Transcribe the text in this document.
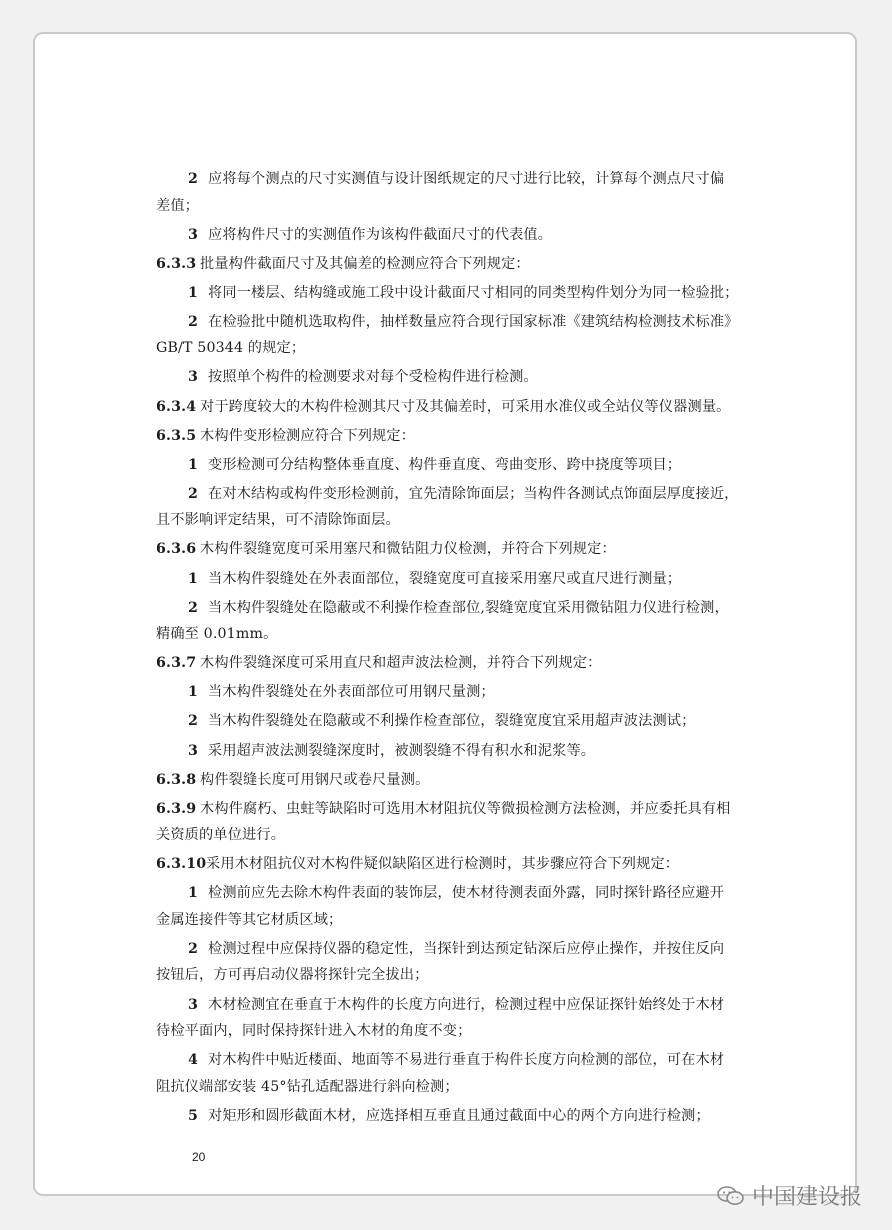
2 应将每个测点的尺寸实测值与设计图纸规定的尺寸进行比较，计算每个测点尺寸偏
差值；
3 应将构件尺寸的实测值作为该构件截面尺寸的代表值。
6.3.3 批量构件截面尺寸及其偏差的检测应符合下列规定：
1 将同一楼层、结构缝或施工段中设计截面尺寸相同的同类型构件划分为同一检验批；
2 在检验批中随机选取构件，抽样数量应符合现行国家标准《建筑结构检测技术标准》
GB/T 50344 的规定；
3 按照单个构件的检测要求对每个受检构件进行检测。
6.3.4 对于跨度较大的木构件检测其尺寸及其偏差时，可采用水准仪或全站仪等仪器测量。
6.3.5 木构件变形检测应符合下列规定：
1 变形检测可分结构整体垂直度、构件垂直度、弯曲变形、跨中挠度等项目；
2 在对木结构或构件变形检测前，宜先清除饰面层；当构件各测试点饰面层厚度接近，
且不影响评定结果，可不清除饰面层。
6.3.6 木构件裂缝宽度可采用塞尺和微钻阻力仪检测，并符合下列规定：
1 当木构件裂缝处在外表面部位，裂缝宽度可直接采用塞尺或直尺进行测量；
2 当木构件裂缝处在隐蔽或不利操作检查部位,裂缝宽度宜采用微钻阻力仪进行检测，
精确至 0.01mm。
6.3.7 木构件裂缝深度可采用直尺和超声波法检测，并符合下列规定：
1 当木构件裂缝处在外表面部位可用钢尺量测；
2 当木构件裂缝处在隐蔽或不利操作检查部位，裂缝宽度宜采用超声波法测试；
3 采用超声波法测裂缝深度时，被测裂缝不得有积水和泥浆等。
6.3.8 构件裂缝长度可用钢尺或卷尺量测。
6.3.9 木构件腐朽、虫蛀等缺陷时可选用木材阻抗仪等微损检测方法检测，并应委托具有相
关资质的单位进行。
6.3.10采用木材阻抗仪对木构件疑似缺陷区进行检测时，其步骤应符合下列规定：
1 检测前应先去除木构件表面的装饰层，使木材待测表面外露，同时探针路径应避开
金属连接件等其它材质区域；
2 检测过程中应保持仪器的稳定性，当探针到达预定钻深后应停止操作，并按住反向
按钮后，方可再启动仪器将探针完全拔出；
3 木材检测宜在垂直于木构件的长度方向进行，检测过程中应保证探针始终处于木材
待检平面内，同时保持探针进入木材的角度不变；
4 对木构件中贴近楼面、地面等不易进行垂直于构件长度方向检测的部位，可在木材
阻抗仪端部安装 45°钻孔适配器进行斜向检测；
5 对矩形和圆形截面木材，应选择相互垂直且通过截面中心的两个方向进行检测；
20
中国建设报
